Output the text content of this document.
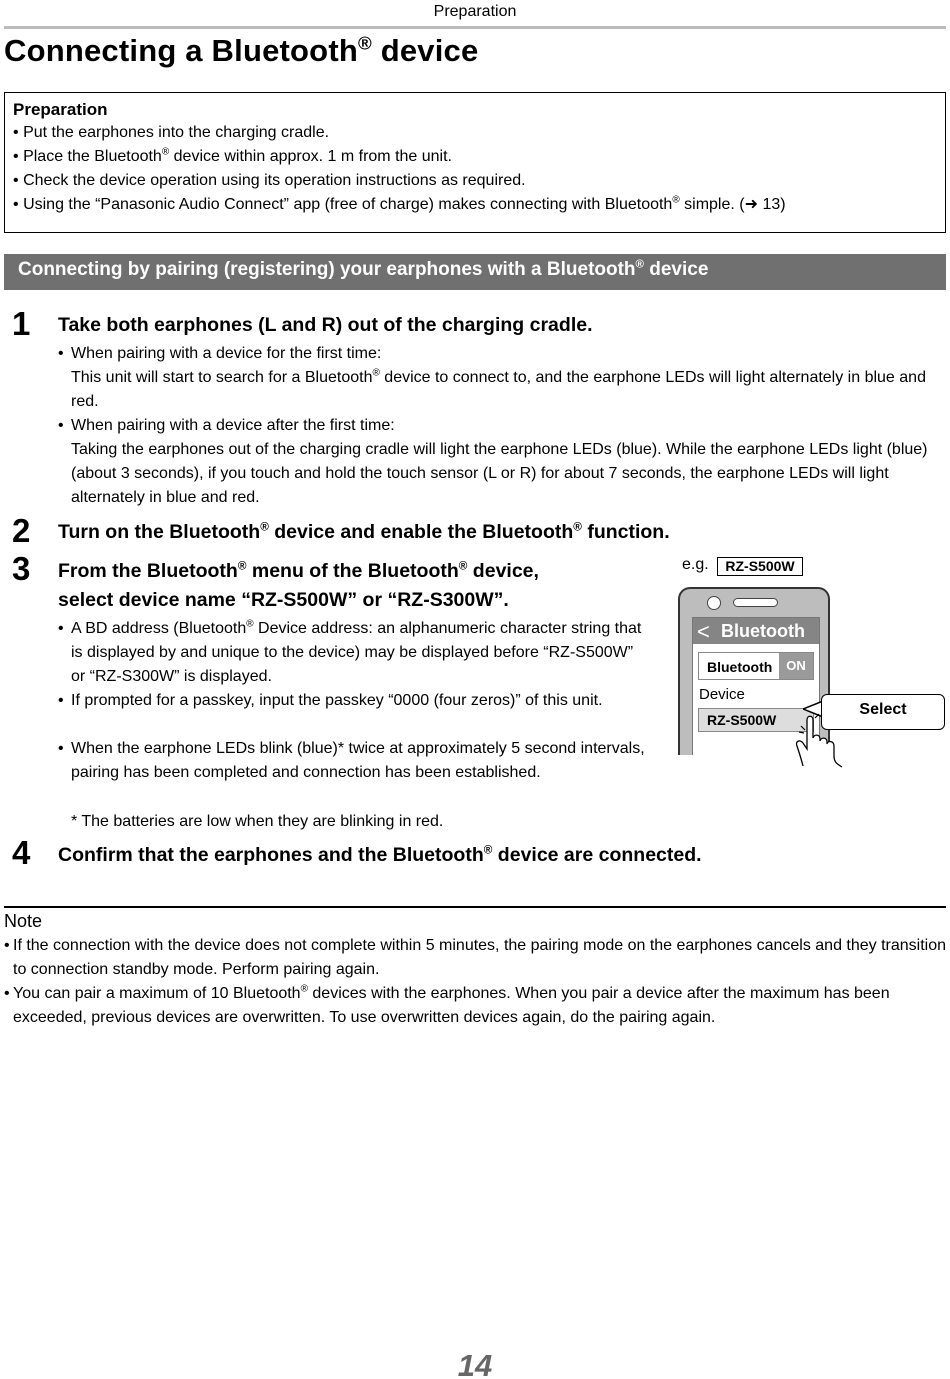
Preparation
Connecting a Bluetooth® device
Preparation
• Put the earphones into the charging cradle.
• Place the Bluetooth® device within approx. 1 m from the unit.
• Check the device operation using its operation instructions as required.
• Using the “Panasonic Audio Connect” app (free of charge) makes connecting with Bluetooth® simple. (➜ 13)
Connecting by pairing (registering) your earphones with a Bluetooth® device
1 Take both earphones (L and R) out of the charging cradle.
• When pairing with a device for the first time:
This unit will start to search for a Bluetooth® device to connect to, and the earphone LEDs will light alternately in blue and red.
• When pairing with a device after the first time:
Taking the earphones out of the charging cradle will light the earphone LEDs (blue). While the earphone LEDs light (blue) (about 3 seconds), if you touch and hold the touch sensor (L or R) for about 7 seconds, the earphone LEDs will light alternately in blue and red.
2 Turn on the Bluetooth® device and enable the Bluetooth® function.
3 From the Bluetooth® menu of the Bluetooth® device,
select device name “RZ-S500W” or “RZ-S300W”.
• A BD address (Bluetooth® Device address: an alphanumeric character string that is displayed by and unique to the device) may be displayed before “RZ-S500W” or “RZ-S300W” is displayed.
• If prompted for a passkey, input the passkey “0000 (four zeros)” of this unit.
• When the earphone LEDs blink (blue)* twice at approximately 5 second intervals, pairing has been completed and connection has been established.
* The batteries are low when they are blinking in red.
e.g.	RZ-S500W
< Bluetooth
Bluetooth	ON
Device
RZ-S500W
Select
4 Confirm that the earphones and the Bluetooth® device are connected.
Note
• If the connection with the device does not complete within 5 minutes, the pairing mode on the earphones cancels and they transition to connection standby mode. Perform pairing again.
• You can pair a maximum of 10 Bluetooth® devices with the earphones. When you pair a device after the maximum has been exceeded, previous devices are overwritten. To use overwritten devices again, do the pairing again.
14
